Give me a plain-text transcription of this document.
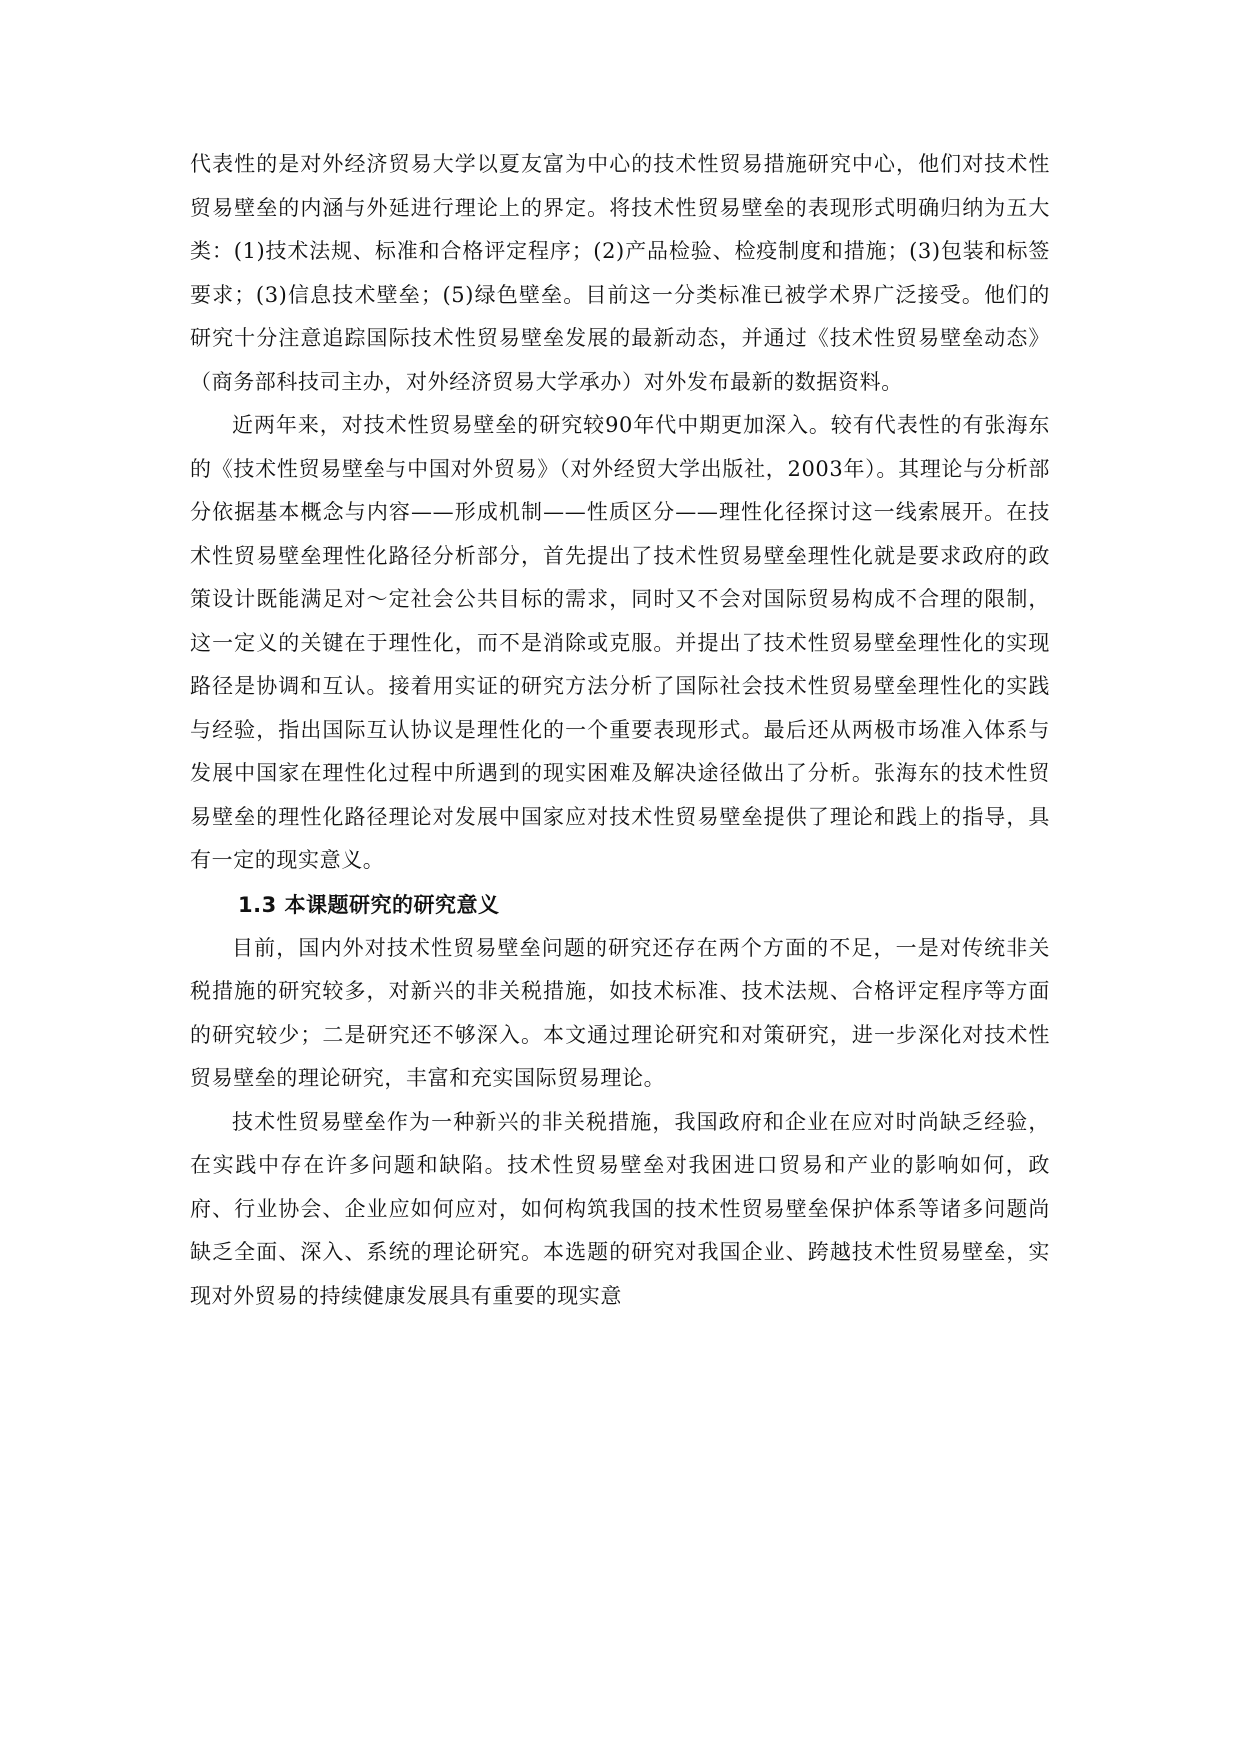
代表性的是对外经济贸易大学以夏友富为中心的技术性贸易措施研究中心，他们对技术性贸易壁垒的内涵与外延进行理论上的界定。将技术性贸易壁垒的表现形式明确归纳为五大类：(1)技术法规、标准和合格评定程序；(2)产品检验、检疫制度和措施；(3)包装和标签要求；(3)信息技术壁垒；(5)绿色壁垒。目前这一分类标准已被学术界广泛接受。他们的研究十分注意追踪国际技术性贸易壁垒发展的最新动态，并通过《技术性贸易壁垒动态》（商务部科技司主办，对外经济贸易大学承办）对外发布最新的数据资料。

近两年来，对技术性贸易壁垒的研究较90年代中期更加深入。较有代表性的有张海东的《技术性贸易壁垒与中国对外贸易》（对外经贸大学出版社，2003年）。其理论与分析部分依据基本概念与内容——形成机制——性质区分——理性化径探讨这一线索展开。在技术性贸易壁垒理性化路径分析部分，首先提出了技术性贸易壁垒理性化就是要求政府的政策设计既能满足对～定社会公共目标的需求，同时又不会对国际贸易构成不合理的限制，这一定义的关键在于理性化，而不是消除或克服。并提出了技术性贸易壁垒理性化的实现路径是协调和互认。接着用实证的研究方法分析了国际社会技术性贸易壁垒理性化的实践与经验，指出国际互认协议是理性化的一个重要表现形式。最后还从两极市场准入体系与发展中国家在理性化过程中所遇到的现实困难及解决途径做出了分析。张海东的技术性贸易壁垒的理性化路径理论对发展中国家应对技术性贸易壁垒提供了理论和践上的指导，具有一定的现实意义。

1.3 本课题研究的研究意义

目前，国内外对技术性贸易壁垒问题的研究还存在两个方面的不足，一是对传统非关税措施的研究较多，对新兴的非关税措施，如技术标准、技术法规、合格评定程序等方面的研究较少；二是研究还不够深入。本文通过理论研究和对策研究，进一步深化对技术性贸易壁垒的理论研究，丰富和充实国际贸易理论。

技术性贸易壁垒作为一种新兴的非关税措施，我国政府和企业在应对时尚缺乏经验，在实践中存在许多问题和缺陷。技术性贸易壁垒对我困进口贸易和产业的影响如何，政府、行业协会、企业应如何应对，如何构筑我国的技术性贸易壁垒保护体系等诸多问题尚缺乏全面、深入、系统的理论研究。本选题的研究对我国企业、跨越技术性贸易壁垒，实现对外贸易的持续健康发展具有重要的现实意
